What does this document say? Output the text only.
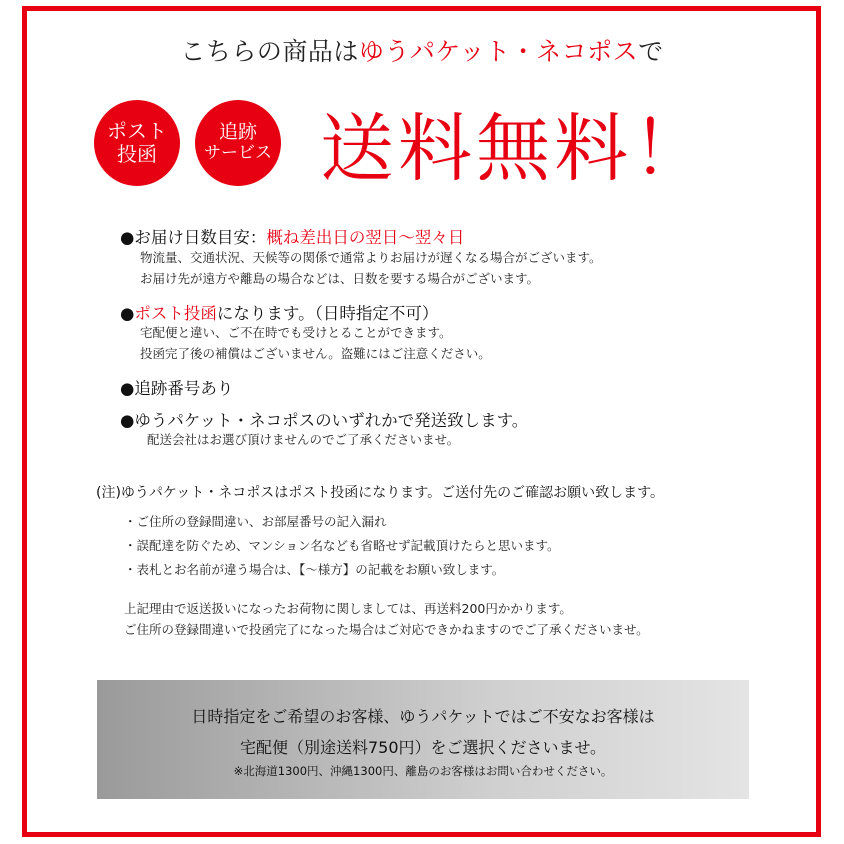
こちらの商品はゆうパケット・ネコポスで
ポスト
投函
追跡
サービス 送料無料！
●お届け日数目安：概ね差出日の翌日〜翌々日
物流量、交通状況、天候等の関係で通常よりお届けが遅くなる場合がございます。
お届け先が遠方や離島の場合などは、日数を要する場合がございます。
●ポスト投函になります。（日時指定不可）
宅配便と違い、ご不在時でも受けとることができます。
投函完了後の補償はございません。盗難にはご注意ください。
●追跡番号あり
●ゆうパケット・ネコポスのいずれかで発送致します。
配送会社はお選び頂けませんのでご了承くださいませ。
(注)ゆうパケット・ネコポスはポスト投函になります。ご送付先のご確認お願い致します。
・ご住所の登録間違い、お部屋番号の記入漏れ
・誤配達を防ぐため、マンション名なども省略せず記載頂けたらと思います。
・表札とお名前が違う場合は、【〜様方】の記載をお願い致します。
上記理由で返送扱いになったお荷物に関しましては、再送料200円かかります。
ご住所の登録間違いで投函完了になった場合はご対応できかねますのでご了承くださいませ。
日時指定をご希望のお客様、ゆうパケットではご不安なお客様は
宅配便（別途送料750円）をご選択くださいませ。
※北海道1300円、沖縄1300円、離島のお客様はお問い合わせください。
